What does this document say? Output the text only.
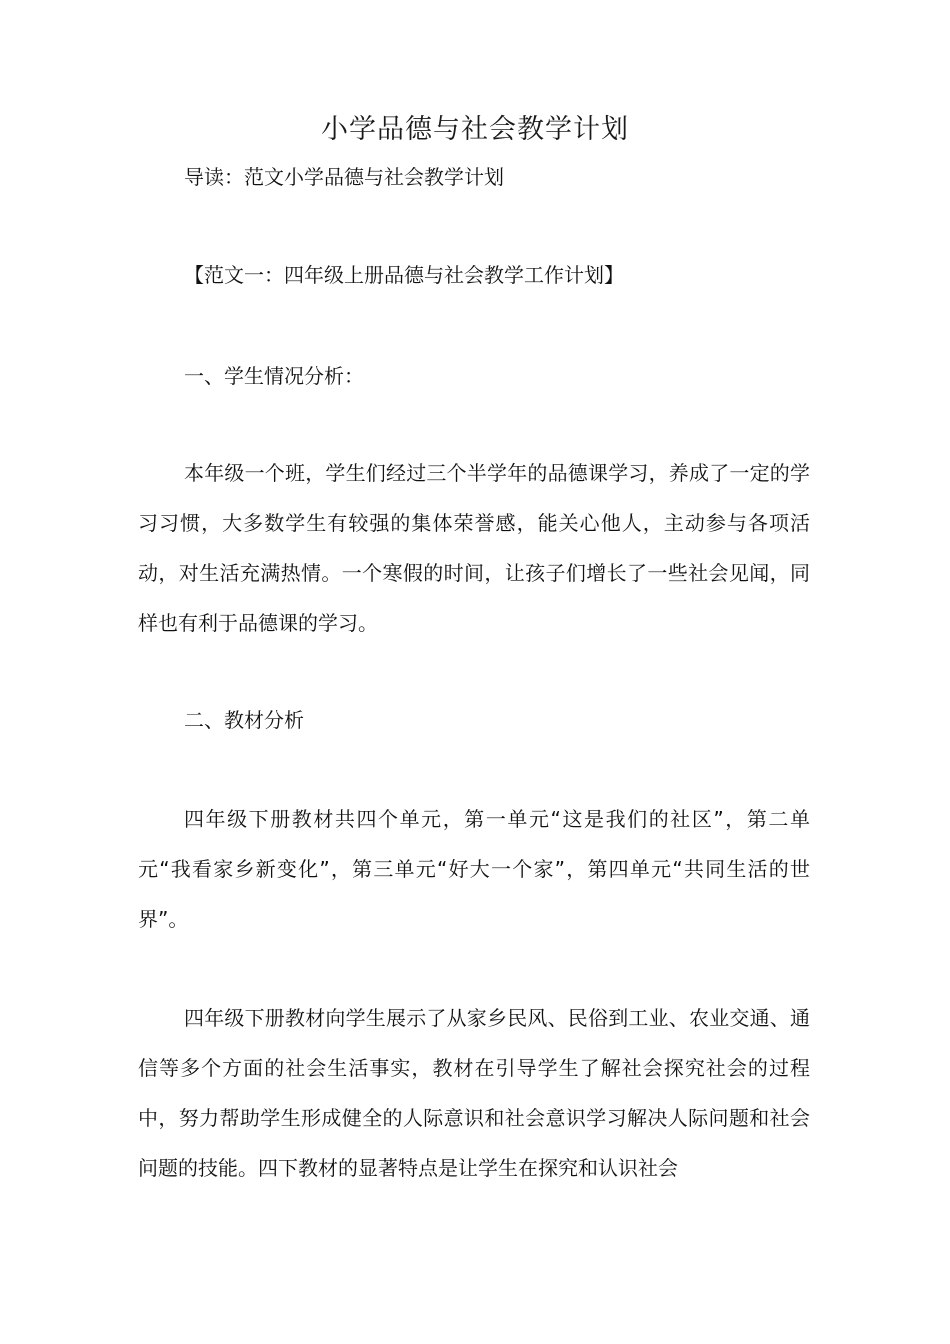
小学品德与社会教学计划
导读：范文小学品德与社会教学计划
【范文一：四年级上册品德与社会教学工作计划】
一、学生情况分析：
本年级一个班，学生们经过三个半学年的品德课学习，养成了一定的学习习惯，大多数学生有较强的集体荣誉感，能关心他人，主动参与各项活动，对生活充满热情。一个寒假的时间，让孩子们增长了一些社会见闻，同样也有利于品德课的学习。
二、教材分析
四年级下册教材共四个单元，第一单元“这是我们的社区”，第二单元“我看家乡新变化”，第三单元“好大一个家”，第四单元“共同生活的世界”。
四年级下册教材向学生展示了从家乡民风、民俗到工业、农业交通、通信等多个方面的社会生活事实，教材在引导学生了解社会探究社会的过程中，努力帮助学生形成健全的人际意识和社会意识学习解决人际问题和社会问题的技能。四下教材的显著特点是让学生在探究和认识社会
